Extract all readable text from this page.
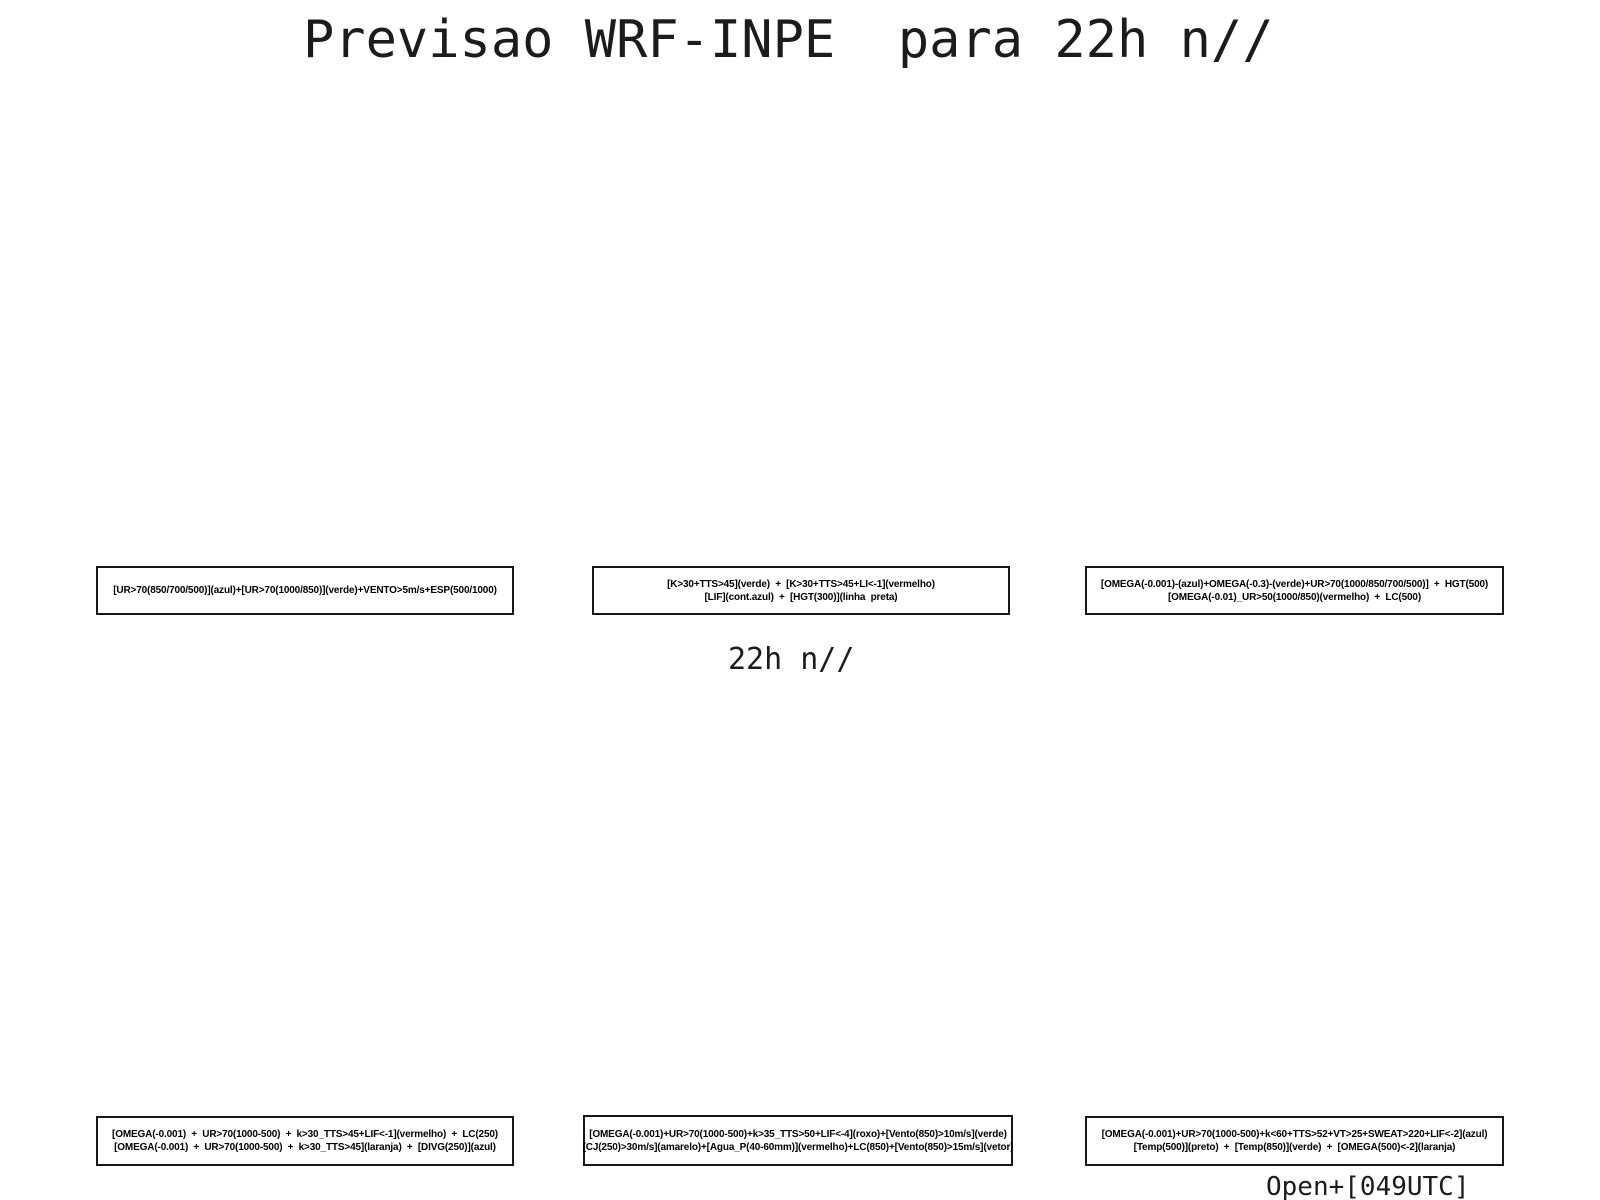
Previsao WRF-INPE  para 22h n//
[UR>70(850/700/500)](azul)+[UR>70(1000/850)](verde)+VENTO>5m/s+ESP(500/1000)
[K>30+TTS>45](verde)  +  [K>30+TTS>45+LI<-1](vermelho)
[LIF](cont.azul)  +  [HGT(300)](linha  preta)
[OMEGA(-0.001)-(azul)+OMEGA(-0.3)-(verde)+UR>70(1000/850/700/500)]  +  HGT(500)
[OMEGA(-0.01)_UR>50(1000/850)(vermelho)  +  LC(500)
22h n//
[OMEGA(-0.001)  +  UR>70(1000-500)  +  k>30_TTS>45+LIF<-1](vermelho)  +  LC(250)
[OMEGA(-0.001)  +  UR>70(1000-500)  +  k>30_TTS>45](laranja)  +  [DIVG(250)](azul)
[OMEGA(-0.001)+UR>70(1000-500)+k>35_TTS>50+LIF<-4](roxo)+[Vento(850)>10m/s](verde)
[CJ(250)>30m/s](amarelo)+[Agua_P(40-60mm)](vermelho)+LC(850)+[Vento(850)>15m/s](vetor)
[OMEGA(-0.001)+UR>70(1000-500)+k<60+TTS>52+VT>25+SWEAT>220+LIF<-2](azul)
[Temp(500)](preto)  +  [Temp(850)](verde)  +  [OMEGA(500)<-2](laranja)
Open+[049UTC]
